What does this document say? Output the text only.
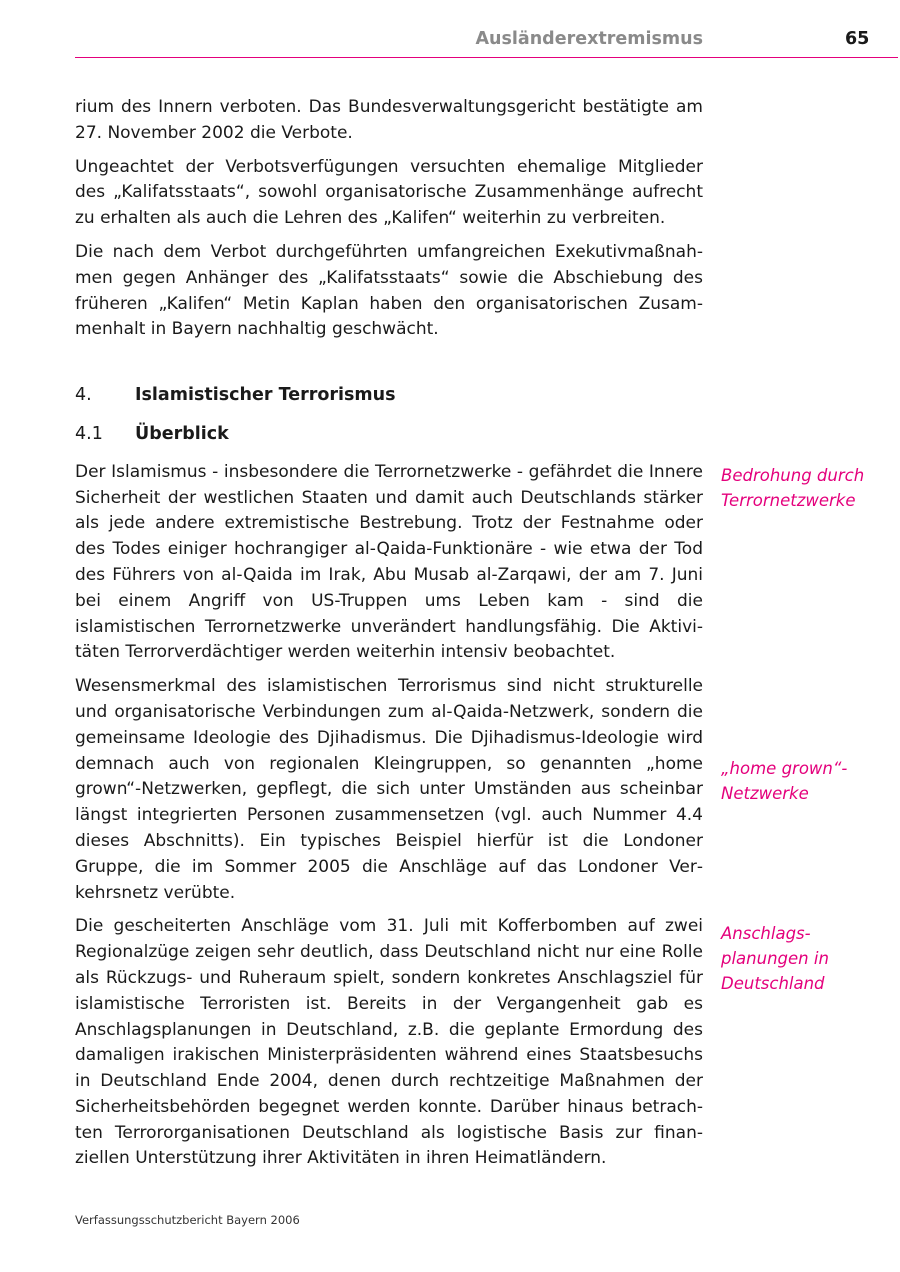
Ausländerextremismus	65

rium des Innern verboten. Das Bundesverwaltungsgericht bestätigte am 27. November 2002 die Verbote.

Ungeachtet der Verbotsverfügungen versuchten ehemalige Mitglieder des „Kalifatsstaats“, sowohl organisatorische Zusammenhänge aufrecht zu erhalten als auch die Lehren des „Kalifen“ weiterhin zu verbreiten.

Die nach dem Verbot durchgeführten umfangreichen Exekutivmaßnahmen gegen Anhänger des „Kalifatsstaats“ sowie die Abschiebung des früheren „Kalifen“ Metin Kaplan haben den organisatorischen Zusammenhalt in Bayern nachhaltig geschwächt.

4.	Islamistischer Terrorismus
4.1	Überblick

Der Islamismus - insbesondere die Terrornetzwerke - gefährdet die Innere Sicherheit der westlichen Staaten und damit auch Deutschlands stärker als jede andere extremistische Bestrebung. Trotz der Festnahme oder des Todes einiger hochrangiger al-Qaida-Funktionäre - wie etwa der Tod des Führers von al-Qaida im Irak, Abu Musab al-Zarqawi, der am 7. Juni bei einem Angriff von US-Truppen ums Leben kam - sind die islamistischen Terrornetzwerke unverändert handlungsfähig. Die Aktivitäten Terrorverdächtiger werden weiterhin intensiv beobachtet.

Wesensmerkmal des islamistischen Terrorismus sind nicht strukturelle und organisatorische Verbindungen zum al-Qaida-Netzwerk, sondern die gemeinsame Ideologie des Djihadismus. Die Djihadismus-Ideologie wird demnach auch von regionalen Kleingruppen, so genannten „home grown“-Netzwerken, gepflegt, die sich unter Umständen aus scheinbar längst integrierten Personen zusammensetzen (vgl. auch Nummer 4.4 dieses Abschnitts). Ein typisches Beispiel hierfür ist die Londoner Gruppe, die im Sommer 2005 die Anschläge auf das Londoner Verkehrsnetz verübte.

Die gescheiterten Anschläge vom 31. Juli mit Kofferbomben auf zwei Regionalzüge zeigen sehr deutlich, dass Deutschland nicht nur eine Rolle als Rückzugs- und Ruheraum spielt, sondern konkretes Anschlagsziel für islamistische Terroristen ist. Bereits in der Vergangenheit gab es Anschlagsplanungen in Deutschland, z.B. die geplante Ermordung des damaligen irakischen Ministerpräsidenten während eines Staatsbesuchs in Deutschland Ende 2004, denen durch rechtzeitige Maßnahmen der Sicherheitsbehörden begegnet werden konnte. Darüber hinaus betrachten Terrororganisationen Deutschland als logistische Basis zur finanziellen Unterstützung ihrer Aktivitäten in ihren Heimatländern.

Bedrohung durch
Terrornetzwerke
„home grown“-
Netzwerke
Anschlags-
planungen in
Deutschland
Verfassungsschutzbericht Bayern 2006
